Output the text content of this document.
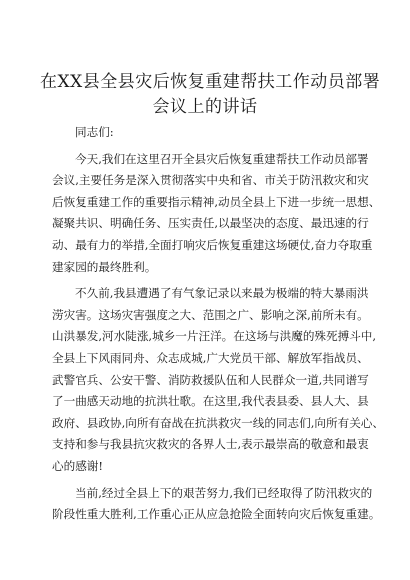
在XX县全县灾后恢复重建帮扶工作动员部署
会议上的讲话
同志们:
今天,我们在这里召开全县灾后恢复重建帮扶工作动员部署
会议,主要任务是深入贯彻落实中央和省、市关于防汛救灾和灾
后恢复重建工作的重要指示精神,动员全县上下进一步统一思想、
凝聚共识、明确任务、压实责任,以最坚决的态度、最迅速的行
动、最有力的举措,全面打响灾后恢复重建这场硬仗,奋力夺取重
建家园的最终胜利。
不久前,我县遭遇了有气象记录以来最为极端的特大暴雨洪
涝灾害。这场灾害强度之大、范围之广、影响之深,前所未有。
山洪暴发,河水陡涨,城乡一片汪洋。在这场与洪魔的殊死搏斗中,
全县上下风雨同舟、众志成城,广大党员干部、解放军指战员、
武警官兵、公安干警、消防救援队伍和人民群众一道,共同谱写
了一曲感天动地的抗洪壮歌。在这里,我代表县委、县人大、县
政府、县政协,向所有奋战在抗洪救灾一线的同志们,向所有关心、
支持和参与我县抗灾救灾的各界人士,表示最崇高的敬意和最衷
心的感谢!
当前,经过全县上下的艰苦努力,我们已经取得了防汛救灾的
阶段性重大胜利,工作重心正从应急抢险全面转向灾后恢复重建。
